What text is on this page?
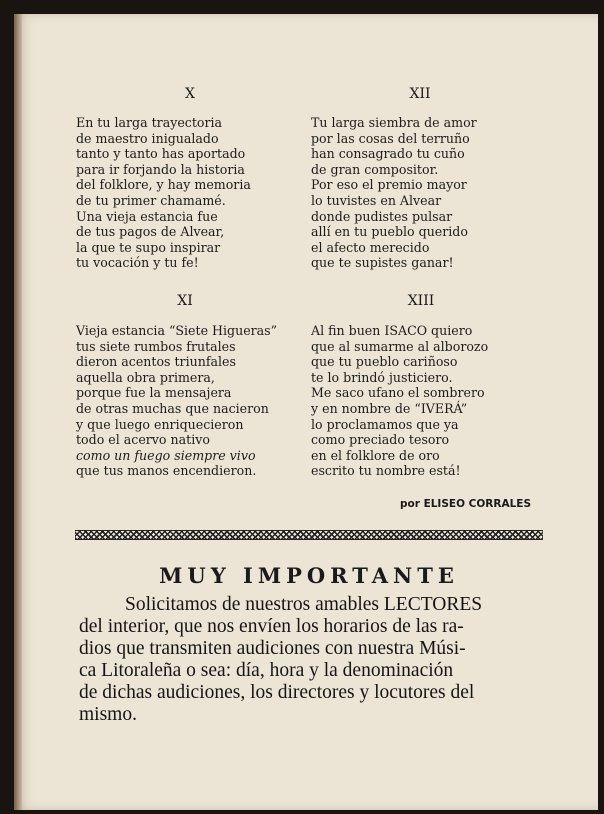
X
En tu larga trayectoria
de maestro inigualado
tanto y tanto has aportado
para ir forjando la historia
del folklore, y hay memoria
de tu primer chamamé.
Una vieja estancia fue
de tus pagos de Alvear,
la que te supo inspirar
tu vocación y tu fe!
XII
Tu larga siembra de amor
por las cosas del terruño
han consagrado tu cuño
de gran compositor.
Por eso el premio mayor
lo tuvistes en Alvear
donde pudistes pulsar
allí en tu pueblo querido
el afecto merecido
que te supistes ganar!
XI
Vieja estancia “Siete Higueras”
tus siete rumbos frutales
dieron acentos triunfales
aquella obra primera,
porque fue la mensajera
de otras muchas que nacieron
y que luego enriquecieron
todo el acervo nativo
como un fuego siempre vivo
que tus manos encendieron.
XIII
Al fin buen ISACO quiero
que al sumarme al alborozo
que tu pueblo cariñoso
te lo brindó justiciero.
Me saco ufano el sombrero
y en nombre de “IVERÁ”
lo proclamamos que ya
como preciado tesoro
en el folklore de oro
escrito tu nombre está!
por ELISEO CORRALES
MUY IMPORTANTE
Solicitamos de nuestros amables LECTORES
del interior, que nos envíen los horarios de las ra-
dios que transmiten audiciones con nuestra Músi-
ca Litoraleña o sea: día, hora y la denominación
de dichas audiciones, los directores y locutores del
mismo.
